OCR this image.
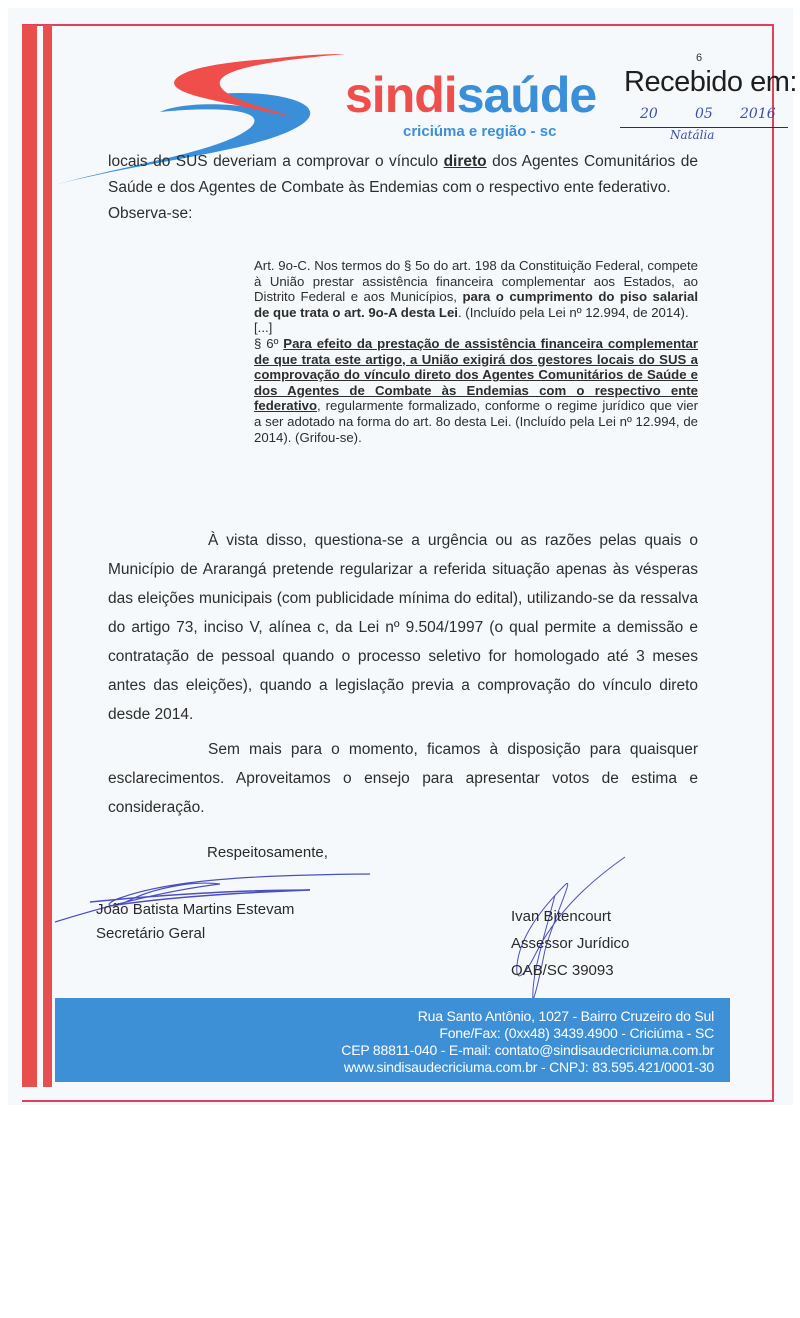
sindisaúde
criciúma e região - sc
6
Recebido em:
20	05 2016
Natália

locais do SUS deveriam a comprovar o vínculo direto dos Agentes Comunitários de Saúde e dos Agentes de Combate às Endemias com o respectivo ente federativo.

Observa-se:

Art. 9o-C. Nos termos do § 5o do art. 198 da Constituição Federal, compete à União prestar assistência financeira complementar aos Estados, ao Distrito Federal e aos Municípios, para o cumprimento do piso salarial de que trata o art. 9o-A desta Lei. (Incluído pela Lei nº 12.994, de 2014).

[...]

§ 6º Para efeito da prestação de assistência financeira complementar de que trata este artigo, a União exigirá dos gestores locais do SUS a comprovação do vínculo direto dos Agentes Comunitários de Saúde e dos Agentes de Combate às Endemias com o respectivo ente federativo, regularmente formalizado, conforme o regime jurídico que vier a ser adotado na forma do art. 8o desta Lei. (Incluído pela Lei nº 12.994, de 2014). (Grifou-se).

À vista disso, questiona-se a urgência ou as razões pelas quais o Município de Ararangá pretende regularizar a referida situação apenas às vésperas das eleições municipais (com publicidade mínima do edital), utilizando-se da ressalva do artigo 73, inciso V, alínea c, da Lei nº 9.504/1997 (o qual permite a demissão e contratação de pessoal quando o processo seletivo for homologado até 3 meses antes das eleições), quando a legislação previa a comprovação do vínculo direto desde 2014.
Sem mais para o momento, ficamos à disposição para quaisquer esclarecimentos. Aproveitamos o ensejo para apresentar votos de estima e consideração.
Respeitosamente,
João Batista Martins Estevam
Secretário Geral
Ivan Bitencourt
Assessor Jurídico
OAB/SC 39093
Rua Santo Antônio, 1027 - Bairro Cruzeiro do Sul
Fone/Fax: (0xx48) 3439.4900 - Criciúma - SC
CEP 88811-040 - E-mail: contato@sindisaudecriciuma.com.br
www.sindisaudecriciuma.com.br - CNPJ: 83.595.421/0001-30
